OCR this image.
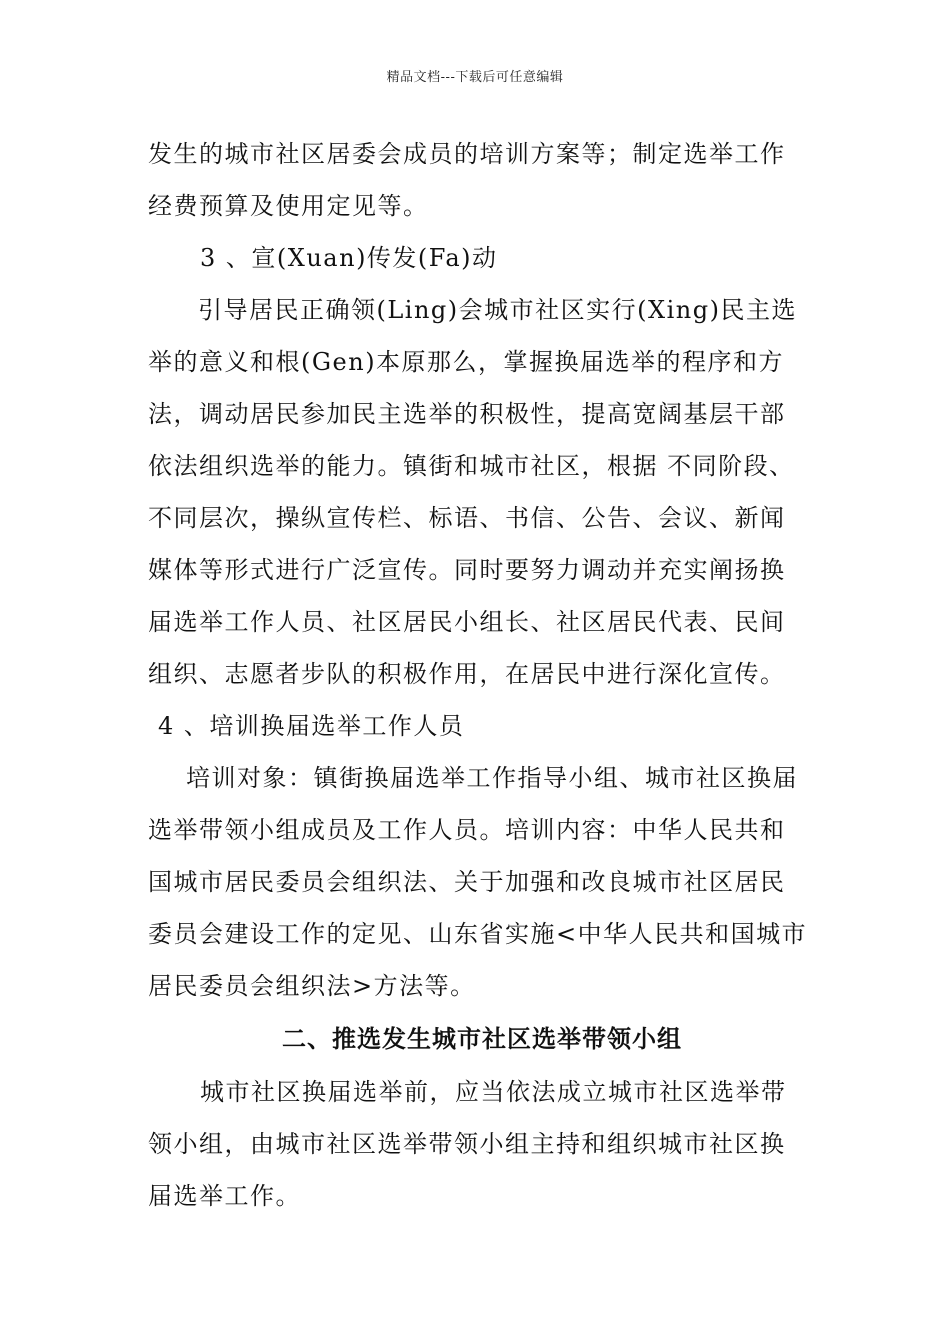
精品文档---下载后可任意编辑
发生的城市社区居委会成员的培训方案等；制定选举工作
经费预算及使用定见等。
3 、宣(Xuan)传发(Fa)动
引导居民正确领(Ling)会城市社区实行(Xing)民主选
举的意义和根(Gen)本原那么，掌握换届选举的程序和方
法，调动居民参加民主选举的积极性，提高宽阔基层干部
依法组织选举的能力。镇街和城市社区，根据 不同阶段、
不同层次，操纵宣传栏、标语、书信、公告、会议、新闻
媒体等形式进行广泛宣传。同时要努力调动并充实阐扬换
届选举工作人员、社区居民小组长、社区居民代表、民间
组织、志愿者步队的积极作用，在居民中进行深化宣传。
4 、培训换届选举工作人员
培训对象：镇街换届选举工作指导小组、城市社区换届
选举带领小组成员及工作人员。培训内容：中华人民共和
国城市居民委员会组织法、关于加强和改良城市社区居民
委员会建设工作的定见、山东省实施<中华人民共和国城市
居民委员会组织法>方法等。
二、推选发生城市社区选举带领小组
城市社区换届选举前，应当依法成立城市社区选举带
领小组，由城市社区选举带领小组主持和组织城市社区换
届选举工作。
